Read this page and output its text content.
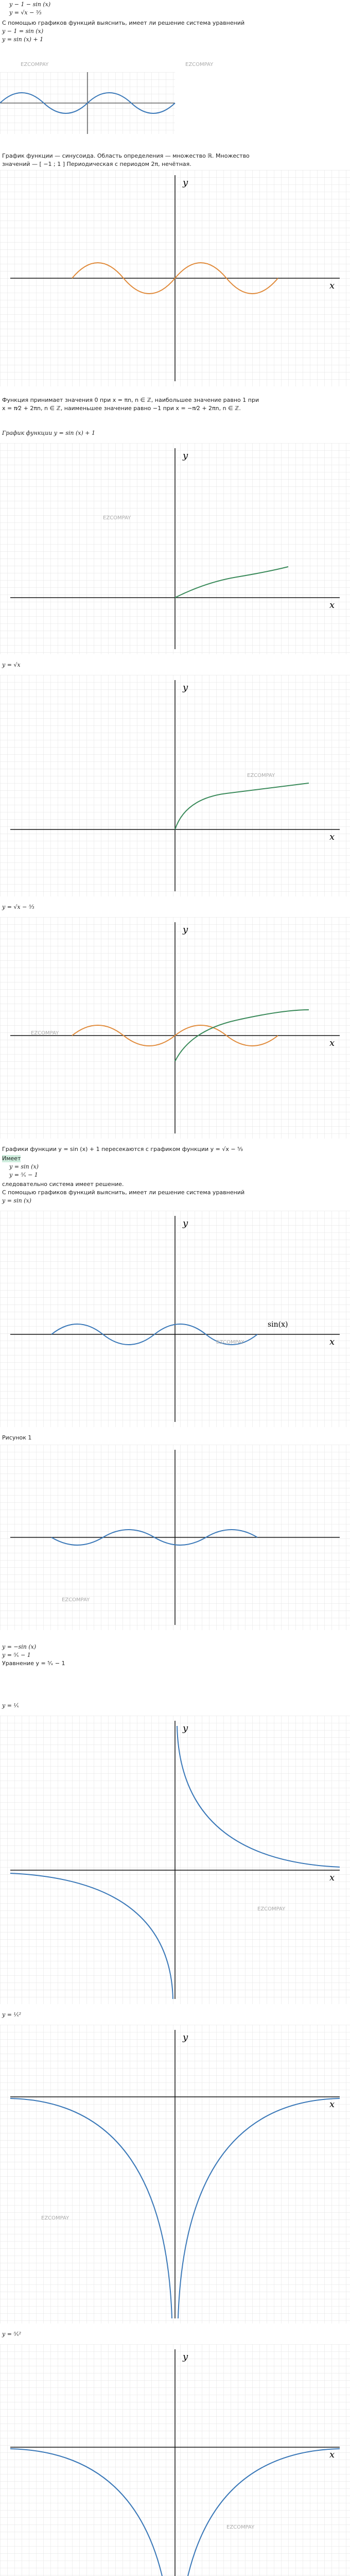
y − 1 − sin (x)
y = √x − ⁵⁄₃
С помощью графиков функций выяснить, имеет ли решение система уравнений
y − 1 = sin (x)
y = sin (x) + 1
График функции — синусоида. Область определения — множество ℝ. Множество
значений — [ −1 ; 1 ] Периодическая с периодом 2π, нечётная.
y
x
Функция принимает значения 0 при x = πn, n ∈ ℤ, наибольшее значение равно 1 при
x = π⁄2 + 2πn, n ∈ ℤ, наименьшее значение равно −1 при x = −π⁄2 + 2πn, n ∈ ℤ.
График функции y = sin (x) + 1
y
x
y = √x
y
x
y = √x − ⁵⁄₃
y
x
Графики функции y = sin (x) + 1 пересекаются с графиком функции y = √x − ⁵⁄₃
Имеет
y = sin (x)
y = ⁵⁄ₓ − 1
следовательно система имеет решение.
С помощью графиков функций выяснить, имеет ли решение система уравнений
y = sin (x)
sin(x)
y
x
Рисунок 1
y = −sin (x)
y = ⁵⁄ₓ − 1
Уравнение y = ⁵⁄ₓ − 1
y = ¹⁄ₓ
y
x
y = ¹⁄ₓ²
y
x
y = ⁵⁄ₓ²
y
x
EZCOMPAY	EZCOMPAY
EZCOMPAY
EZCOMPAY
EZCOMPAY
EZCOMPAY
EZCOMPAY
EZCOMPAY
EZCOMPAY
EZCOMPAY
